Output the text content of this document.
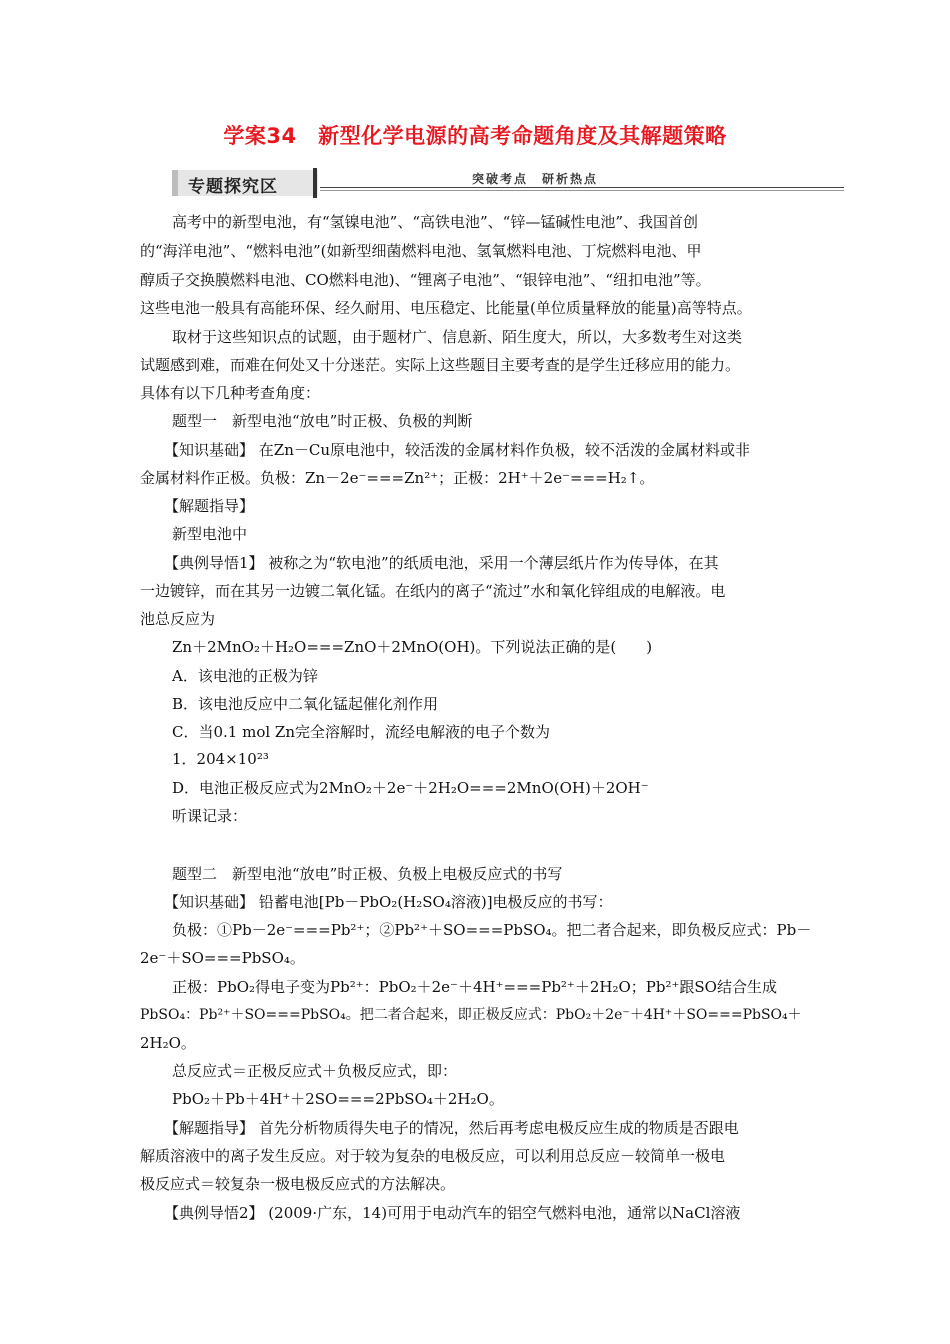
学案34　新型化学电源的高考命题角度及其解题策略
专题探究区	突破考点　研析热点
高考中的新型电池，有“氢镍电池”、“高铁电池”、“锌—锰碱性电池”、我国首创
的“海洋电池”、“燃料电池”(如新型细菌燃料电池、氢氧燃料电池、丁烷燃料电池、甲
醇质子交换膜燃料电池、CO燃料电池)、“锂离子电池”、“银锌电池”、“纽扣电池”等。
这些电池一般具有高能环保、经久耐用、电压稳定、比能量(单位质量释放的能量)高等特点。
取材于这些知识点的试题，由于题材广、信息新、陌生度大，所以，大多数考生对这类
试题感到难，而难在何处又十分迷茫。实际上这些题目主要考查的是学生迁移应用的能力。
具体有以下几种考查角度：
题型一　新型电池“放电”时正极、负极的判断
【知识基础】 在Zn－Cu原电池中，较活泼的金属材料作负极，较不活泼的金属材料或非
金属材料作正极。负极：Zn－2e⁻===Zn²⁺；正极：2H⁺＋2e⁻===H₂↑。
【解题指导】
新型电池中
【典例导悟1】 被称之为“软电池”的纸质电池，采用一个薄层纸片作为传导体，在其
一边镀锌，而在其另一边镀二氧化锰。在纸内的离子“流过”水和氧化锌组成的电解液。电
池总反应为
Zn＋2MnO₂＋H₂O===ZnO＋2MnO(OH)。下列说法正确的是(　　)
A．该电池的正极为锌
B．该电池反应中二氧化锰起催化剂作用
C．当0.1 mol Zn完全溶解时，流经电解液的电子个数为
1．204×10²³
D．电池正极反应式为2MnO₂＋2e⁻＋2H₂O===2MnO(OH)＋2OH⁻
听课记录：
题型二　新型电池“放电”时正极、负极上电极反应式的书写
【知识基础】 铅蓄电池[Pb－PbO₂(H₂SO₄溶液)]电极反应的书写：
负极：①Pb－2e⁻===Pb²⁺；②Pb²⁺＋SO===PbSO₄。把二者合起来，即负极反应式：Pb－
2e⁻＋SO===PbSO₄。
正极：PbO₂得电子变为Pb²⁺：PbO₂＋2e⁻＋4H⁺===Pb²⁺＋2H₂O；Pb²⁺跟SO结合生成
PbSO₄：Pb²⁺＋SO===PbSO₄。把二者合起来，即正极反应式：PbO₂＋2e⁻＋4H⁺＋SO===PbSO₄＋
2H₂O。
总反应式＝正极反应式＋负极反应式，即：
PbO₂＋Pb＋4H⁺＋2SO===2PbSO₄＋2H₂O。
【解题指导】 首先分析物质得失电子的情况，然后再考虑电极反应生成的物质是否跟电
解质溶液中的离子发生反应。对于较为复杂的电极反应，可以利用总反应－较简单一极电
极反应式＝较复杂一极电极反应式的方法解决。
【典例导悟2】 (2009·广东，14)可用于电动汽车的铝空气燃料电池，通常以NaCl溶液
